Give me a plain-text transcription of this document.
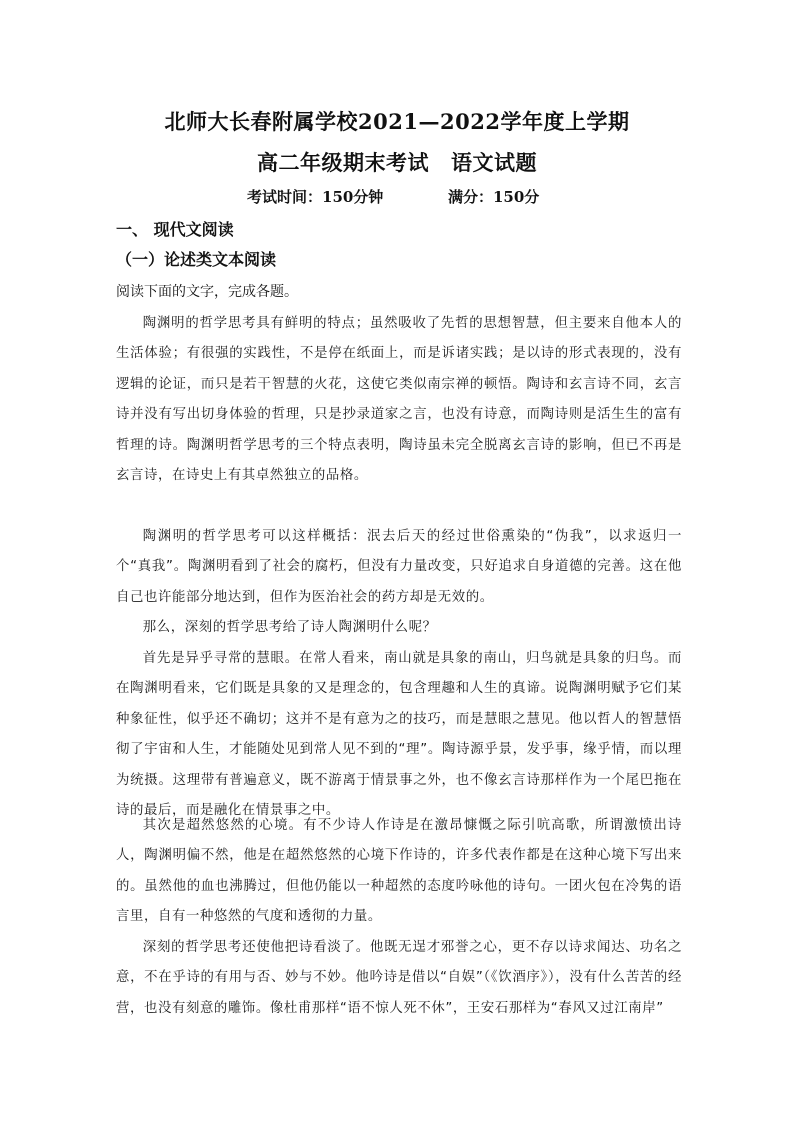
北师大长春附属学校2021—2022学年度上学期
高二年级期末考试 语文试题
考试时间：150分钟	满分：150分
一、 现代文阅读
（一）论述类文本阅读
阅读下面的文字，完成各题。

陶渊明的哲学思考具有鲜明的特点；虽然吸收了先哲的思想智慧，但主要来自他本人的生活体验；有很强的实践性，不是停在纸面上，而是诉诸实践；是以诗的形式表现的，没有逻辑的论证，而只是若干智慧的火花，这使它类似南宗禅的顿悟。陶诗和玄言诗不同，玄言诗并没有写出切身体验的哲理，只是抄录道家之言，也没有诗意，而陶诗则是活生生的富有哲理的诗。陶渊明哲学思考的三个特点表明，陶诗虽未完全脱离玄言诗的影响，但已不再是玄言诗，在诗史上有其卓然独立的品格。

陶渊明的哲学思考可以这样概括：泯去后天的经过世俗熏染的“伪我”，以求返归一个“真我”。陶渊明看到了社会的腐朽，但没有力量改变，只好追求自身道德的完善。这在他自己也许能部分地达到，但作为医治社会的药方却是无效的。

那么，深刻的哲学思考给了诗人陶渊明什么呢？

首先是异乎寻常的慧眼。在常人看来，南山就是具象的南山，归鸟就是具象的归鸟。而在陶渊明看来，它们既是具象的又是理念的，包含理趣和人生的真谛。说陶渊明赋予它们某种象征性，似乎还不确切；这并不是有意为之的技巧，而是慧眼之慧见。他以哲人的智慧悟彻了宇宙和人生，才能随处见到常人见不到的“理”。陶诗源乎景，发乎事，缘乎情，而以理为统摄。这理带有普遍意义，既不游离于情景事之外，也不像玄言诗那样作为一个尾巴拖在诗的最后，而是融化在情景事之中。

其次是超然悠然的心境。有不少诗人作诗是在激昂慷慨之际引吭高歌，所谓激愤出诗人，陶渊明偏不然，他是在超然悠然的心境下作诗的，许多代表作都是在这种心境下写出来的。虽然他的血也沸腾过，但他仍能以一种超然的态度吟咏他的诗句。一团火包在冷隽的语言里，自有一种悠然的气度和透彻的力量。

深刻的哲学思考还使他把诗看淡了。他既无逞才邪誉之心，更不存以诗求闻达、功名之意，不在乎诗的有用与否、妙与不妙。他吟诗是借以“自娱”（《饮酒序》），没有什么苦苦的经营，也没有刻意的雕饰。像杜甫那样“语不惊人死不休”，王安石那样为“春风又过江南岸”
